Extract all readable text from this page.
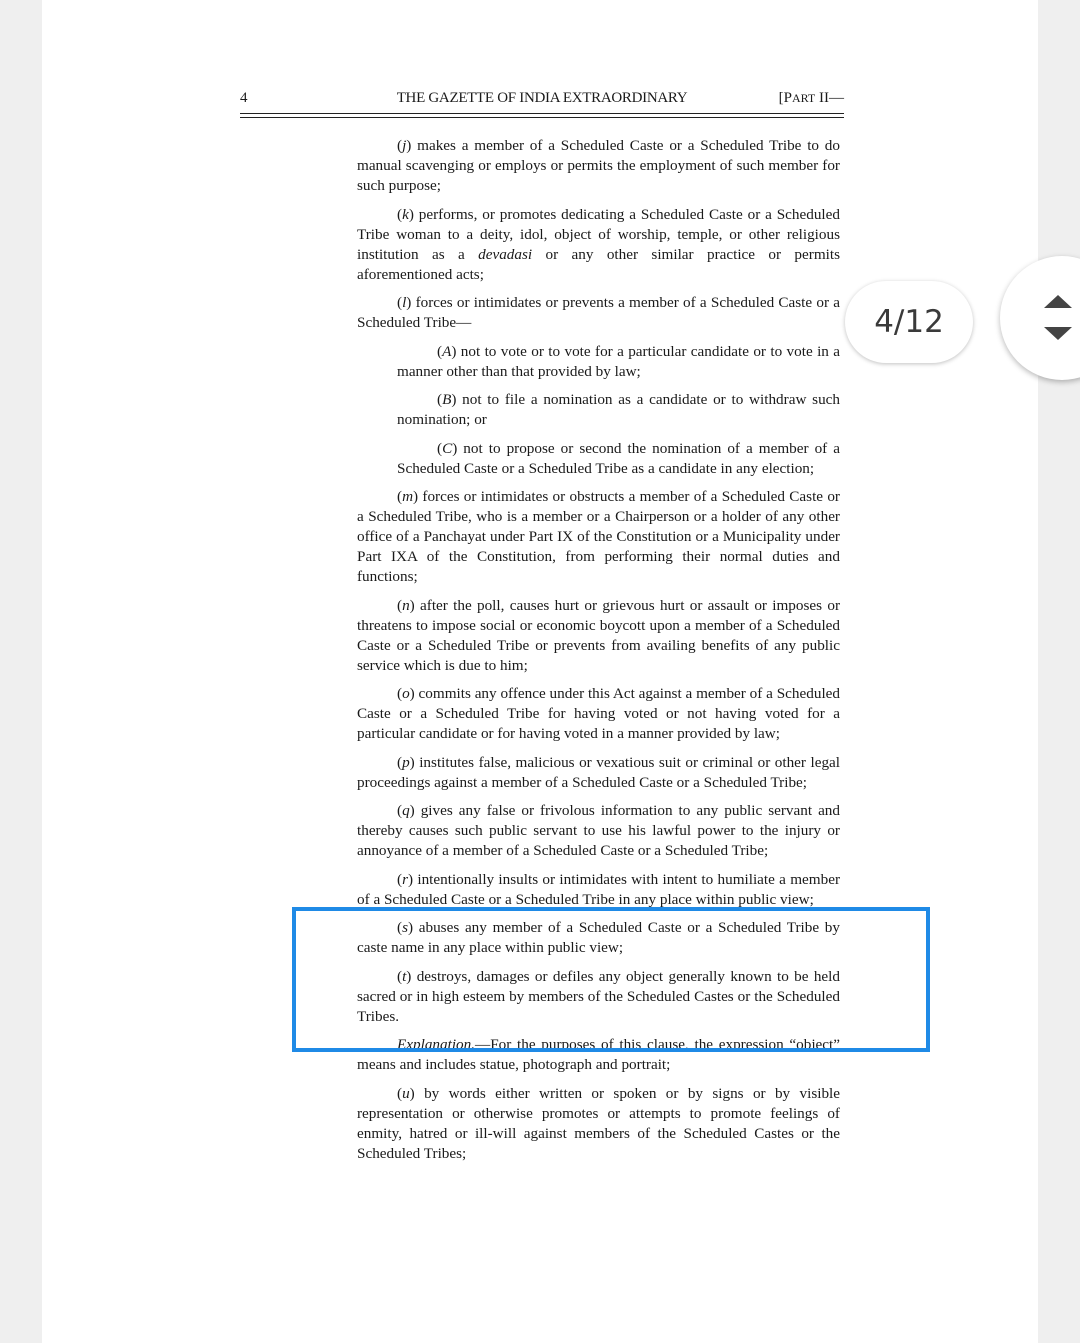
4	THE GAZETTE OF INDIA EXTRAORDINARY	[PART II—

(j) makes a member of a Scheduled Caste or a Scheduled Tribe to do manual scavenging or employs or permits the employment of such member for such purpose;

(k) performs, or promotes dedicating a Scheduled Caste or a Scheduled Tribe woman to a deity, idol, object of worship, temple, or other religious institution as a devadasi or any other similar practice or permits aforementioned acts;

(l) forces or intimidates or prevents a member of a Scheduled Caste or a Scheduled Tribe—

(A) not to vote or to vote for a particular candidate or to vote in a manner other than that provided by law;

(B) not to file a nomination as a candidate or to withdraw such nomination; or

(C) not to propose or second the nomination of a member of a Scheduled Caste or a Scheduled Tribe as a candidate in any election;

(m) forces or intimidates or obstructs a member of a Scheduled Caste or a Scheduled Tribe, who is a member or a Chairperson or a holder of any other office of a Panchayat under Part IX of the Constitution or a Municipality under Part IXA of the Constitution, from performing their normal duties and functions;

(n) after the poll, causes hurt or grievous hurt or assault or imposes or threatens to impose social or economic boycott upon a member of a Scheduled Caste or a Scheduled Tribe or prevents from availing benefits of any public service which is due to him;

(o) commits any offence under this Act against a member of a Scheduled Caste or a Scheduled Tribe for having voted or not having voted for a particular candidate or for having voted in a manner provided by law;

(p) institutes false, malicious or vexatious suit or criminal or other legal proceedings against a member of a Scheduled Caste or a Scheduled Tribe;

(q) gives any false or frivolous information to any public servant and thereby causes such public servant to use his lawful power to the injury or annoyance of a member of a Scheduled Caste or a Scheduled Tribe;

(r) intentionally insults or intimidates with intent to humiliate a member of a Scheduled Caste or a Scheduled Tribe in any place within public view;

(s) abuses any member of a Scheduled Caste or a Scheduled Tribe by caste name in any place within public view;

(t) destroys, damages or defiles any object generally known to be held sacred or in high esteem by members of the Scheduled Castes or the Scheduled Tribes.

Explanation.—For the purposes of this clause, the expression “object” means and includes statue, photograph and portrait;

(u) by words either written or spoken or by signs or by visible representation or otherwise promotes or attempts to promote feelings of enmity, hatred or ill-will against members of the Scheduled Castes or the Scheduled Tribes;

4/12
